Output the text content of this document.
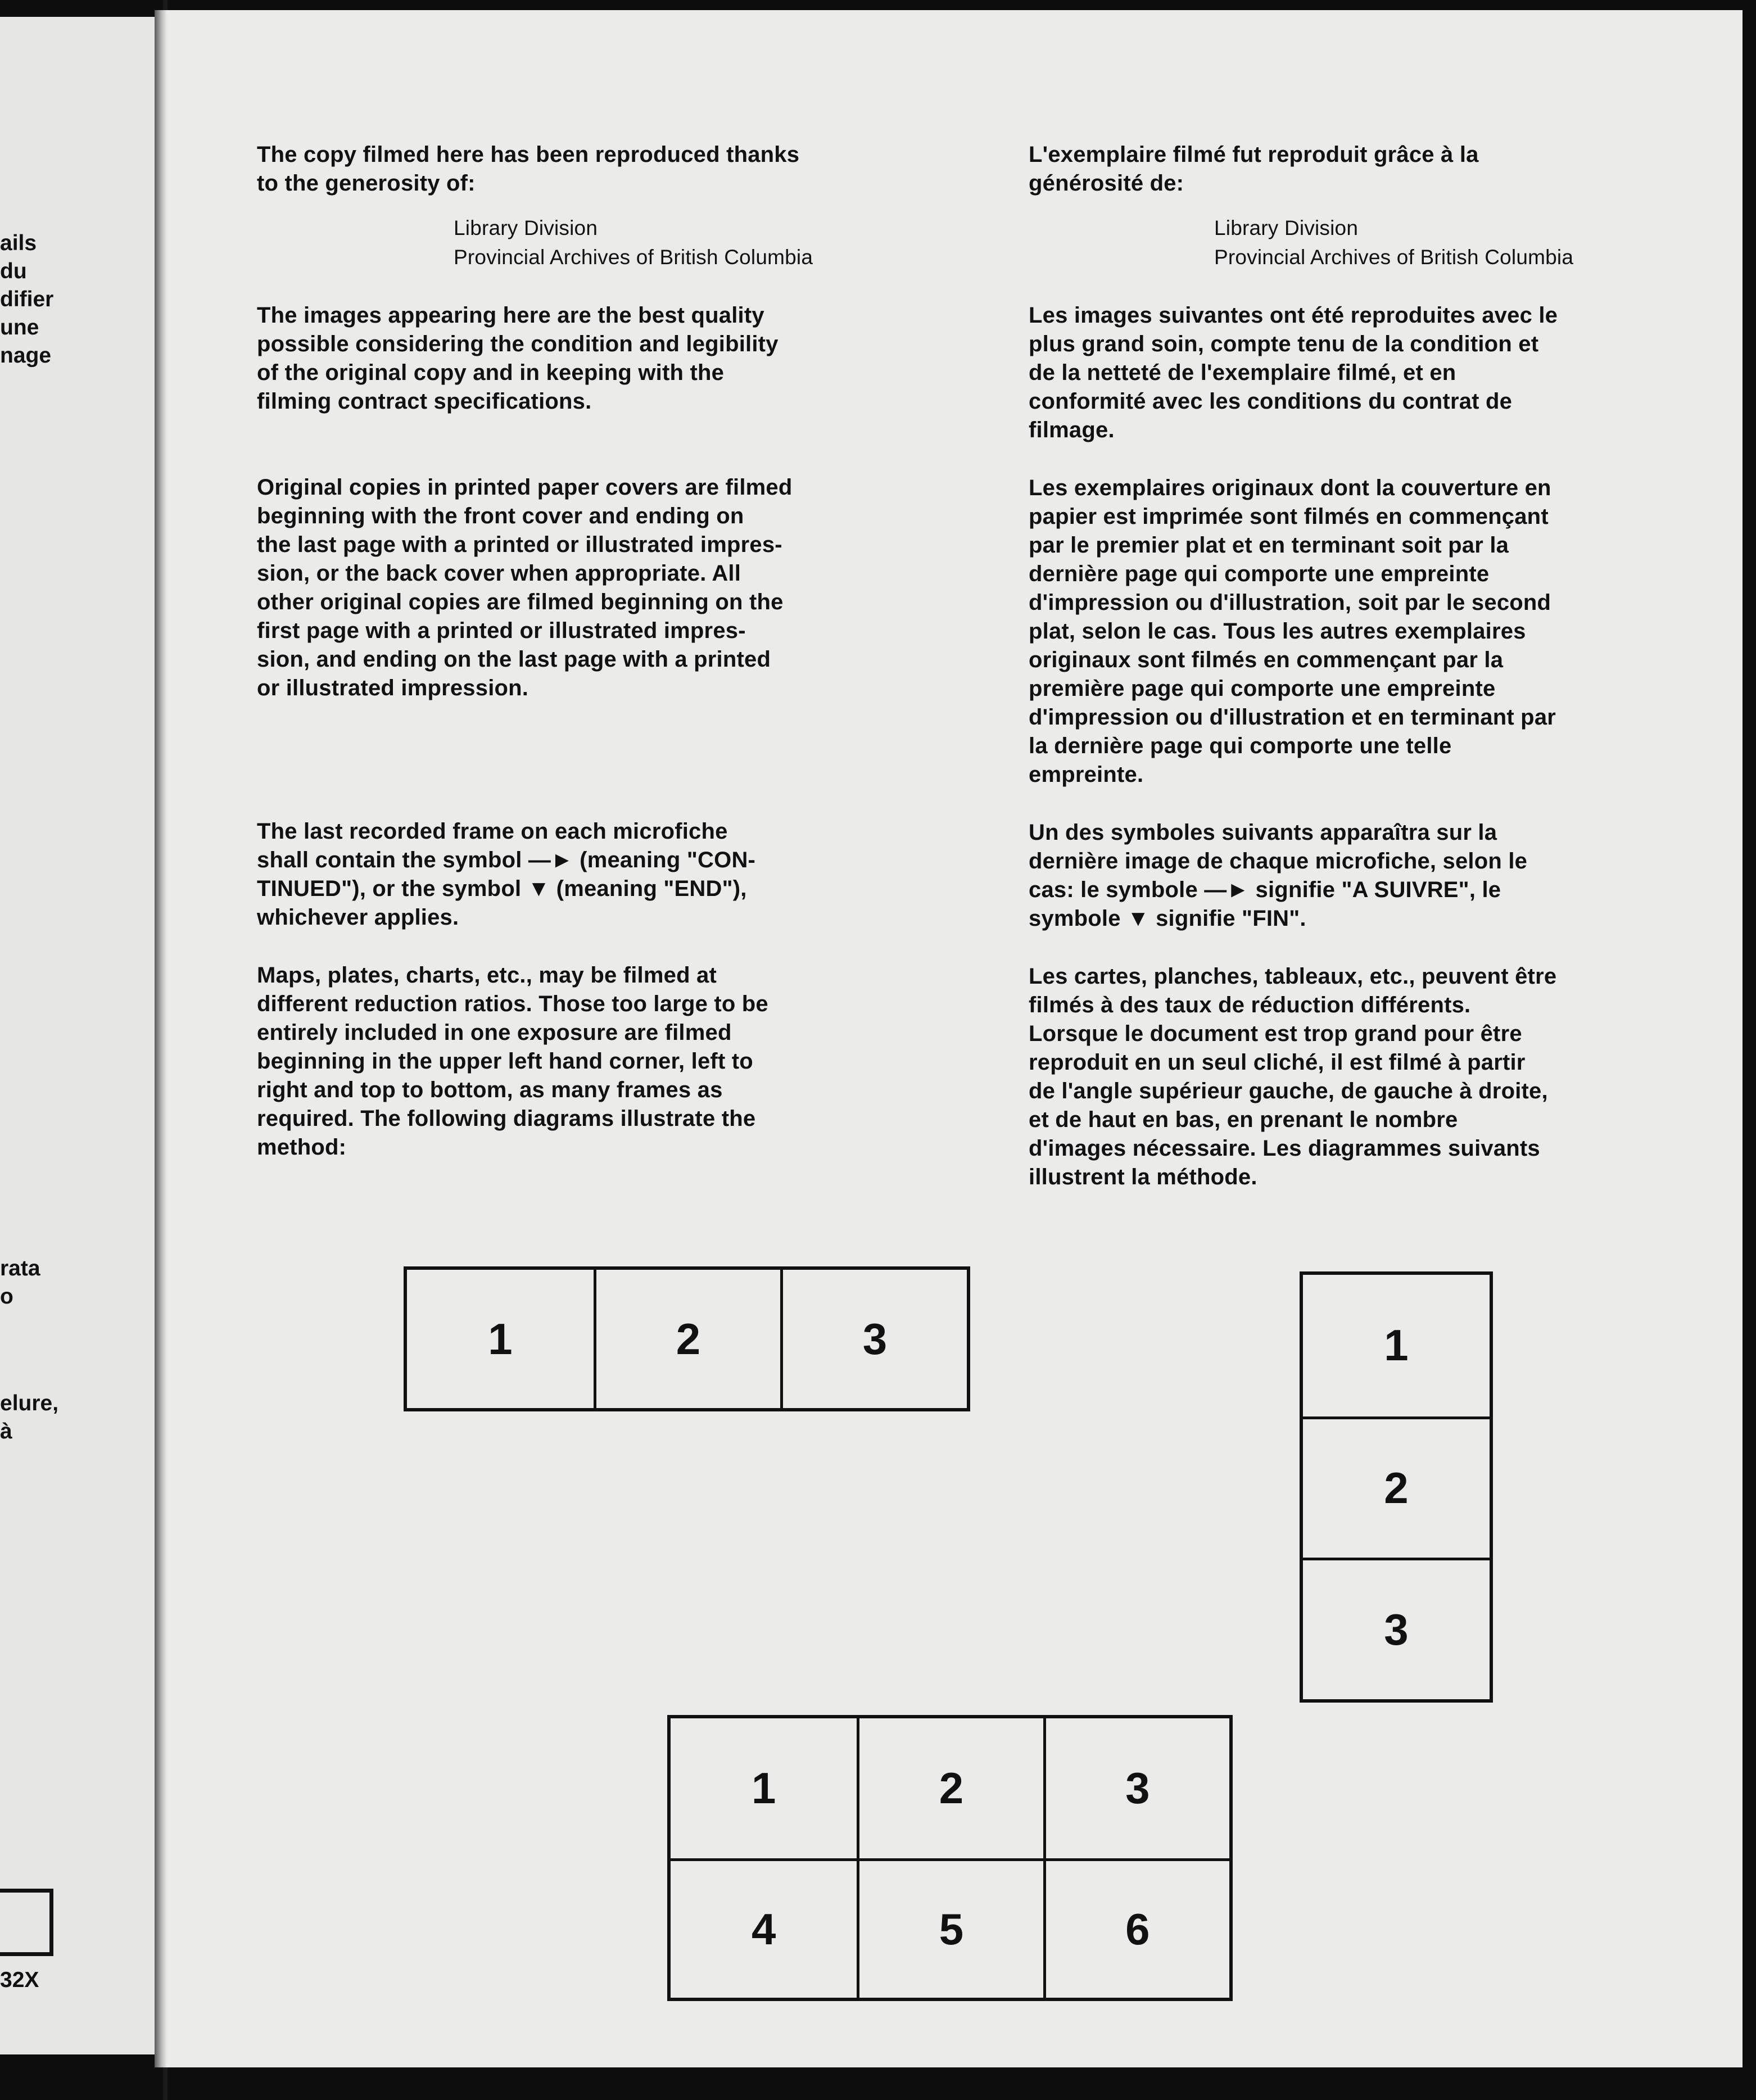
ails
du
difier
une
nage
rata
o
elure,
à
32X

The copy filmed here has been reproduced thanks
to the generosity of:

Library Division

Provincial Archives of British Columbia

The images appearing here are the best quality
possible considering the condition and legibility
of the original copy and in keeping with the
filming contract specifications.

Original copies in printed paper covers are filmed
beginning with the front cover and ending on
the last page with a printed or illustrated impres-
sion, or the back cover when appropriate. All
other original copies are filmed beginning on the
first page with a printed or illustrated impres-
sion, and ending on the last page with a printed
or illustrated impression.

The last recorded frame on each microfiche
shall contain the symbol —► (meaning "CON-
TINUED"), or the symbol ▼ (meaning "END"),
whichever applies.

Maps, plates, charts, etc., may be filmed at
different reduction ratios. Those too large to be
entirely included in one exposure are filmed
beginning in the upper left hand corner, left to
right and top to bottom, as many frames as
required. The following diagrams illustrate the
method:

L'exemplaire filmé fut reproduit grâce à la
générosité de:

Library Division

Provincial Archives of British Columbia

Les images suivantes ont été reproduites avec le
plus grand soin, compte tenu de la condition et
de la netteté de l'exemplaire filmé, et en
conformité avec les conditions du contrat de
filmage.

Les exemplaires originaux dont la couverture en
papier est imprimée sont filmés en commençant
par le premier plat et en terminant soit par la
dernière page qui comporte une empreinte
d'impression ou d'illustration, soit par le second
plat, selon le cas. Tous les autres exemplaires
originaux sont filmés en commençant par la
première page qui comporte une empreinte
d'impression ou d'illustration et en terminant par
la dernière page qui comporte une telle
empreinte.

Un des symboles suivants apparaîtra sur la
dernière image de chaque microfiche, selon le
cas: le symbole —► signifie "A SUIVRE", le
symbole ▼ signifie "FIN".

Les cartes, planches, tableaux, etc., peuvent être
filmés à des taux de réduction différents.
Lorsque le document est trop grand pour être
reproduit en un seul cliché, il est filmé à partir
de l'angle supérieur gauche, de gauche à droite,
et de haut en bas, en prenant le nombre
d'images nécessaire. Les diagrammes suivants
illustrent la méthode.

1	2	3	1
2
3
1	2	3
4	5	6
